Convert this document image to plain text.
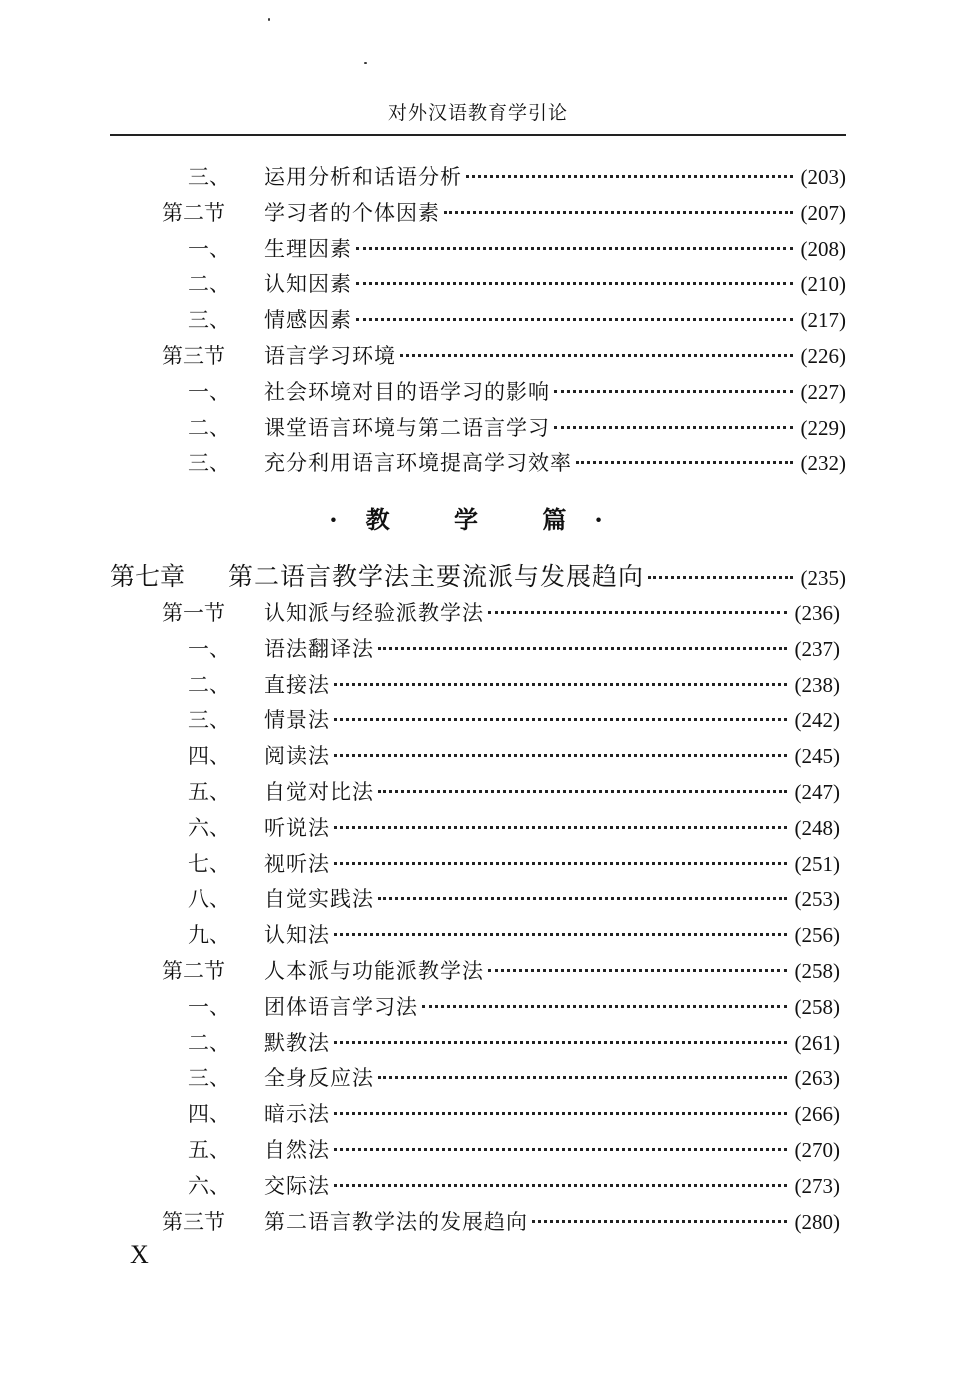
对外汉语教育学引论
三、	运用分析和话语分析	(203)
第二节	学习者的个体因素	(207)
一、	生理因素	(208)
二、	认知因素	(210)
三、	情感因素	(217)
第三节	语言学习环境	(226)
一、	社会环境对目的语学习的影响	(227)
二、	课堂语言环境与第二语言学习	(229)
三、	充分利用语言环境提高学习效率	(232)
·教 学 篇·
第七章	第二语言教学法主要流派与发展趋向	(235)
第一节	认知派与经验派教学法	(236)
一、	语法翻译法	(237)
二、	直接法	(238)
三、	情景法	(242)
四、	阅读法	(245)
五、	自觉对比法	(247)
六、	听说法	(248)
七、	视听法	(251)
八、	自觉实践法	(253)
九、	认知法	(256)
第二节	人本派与功能派教学法	(258)
一、	团体语言学习法	(258)
二、	默教法	(261)
三、	全身反应法	(263)
四、	暗示法	(266)
五、	自然法	(270)
六、	交际法	(273)
第三节	第二语言教学法的发展趋向	(280)
X
